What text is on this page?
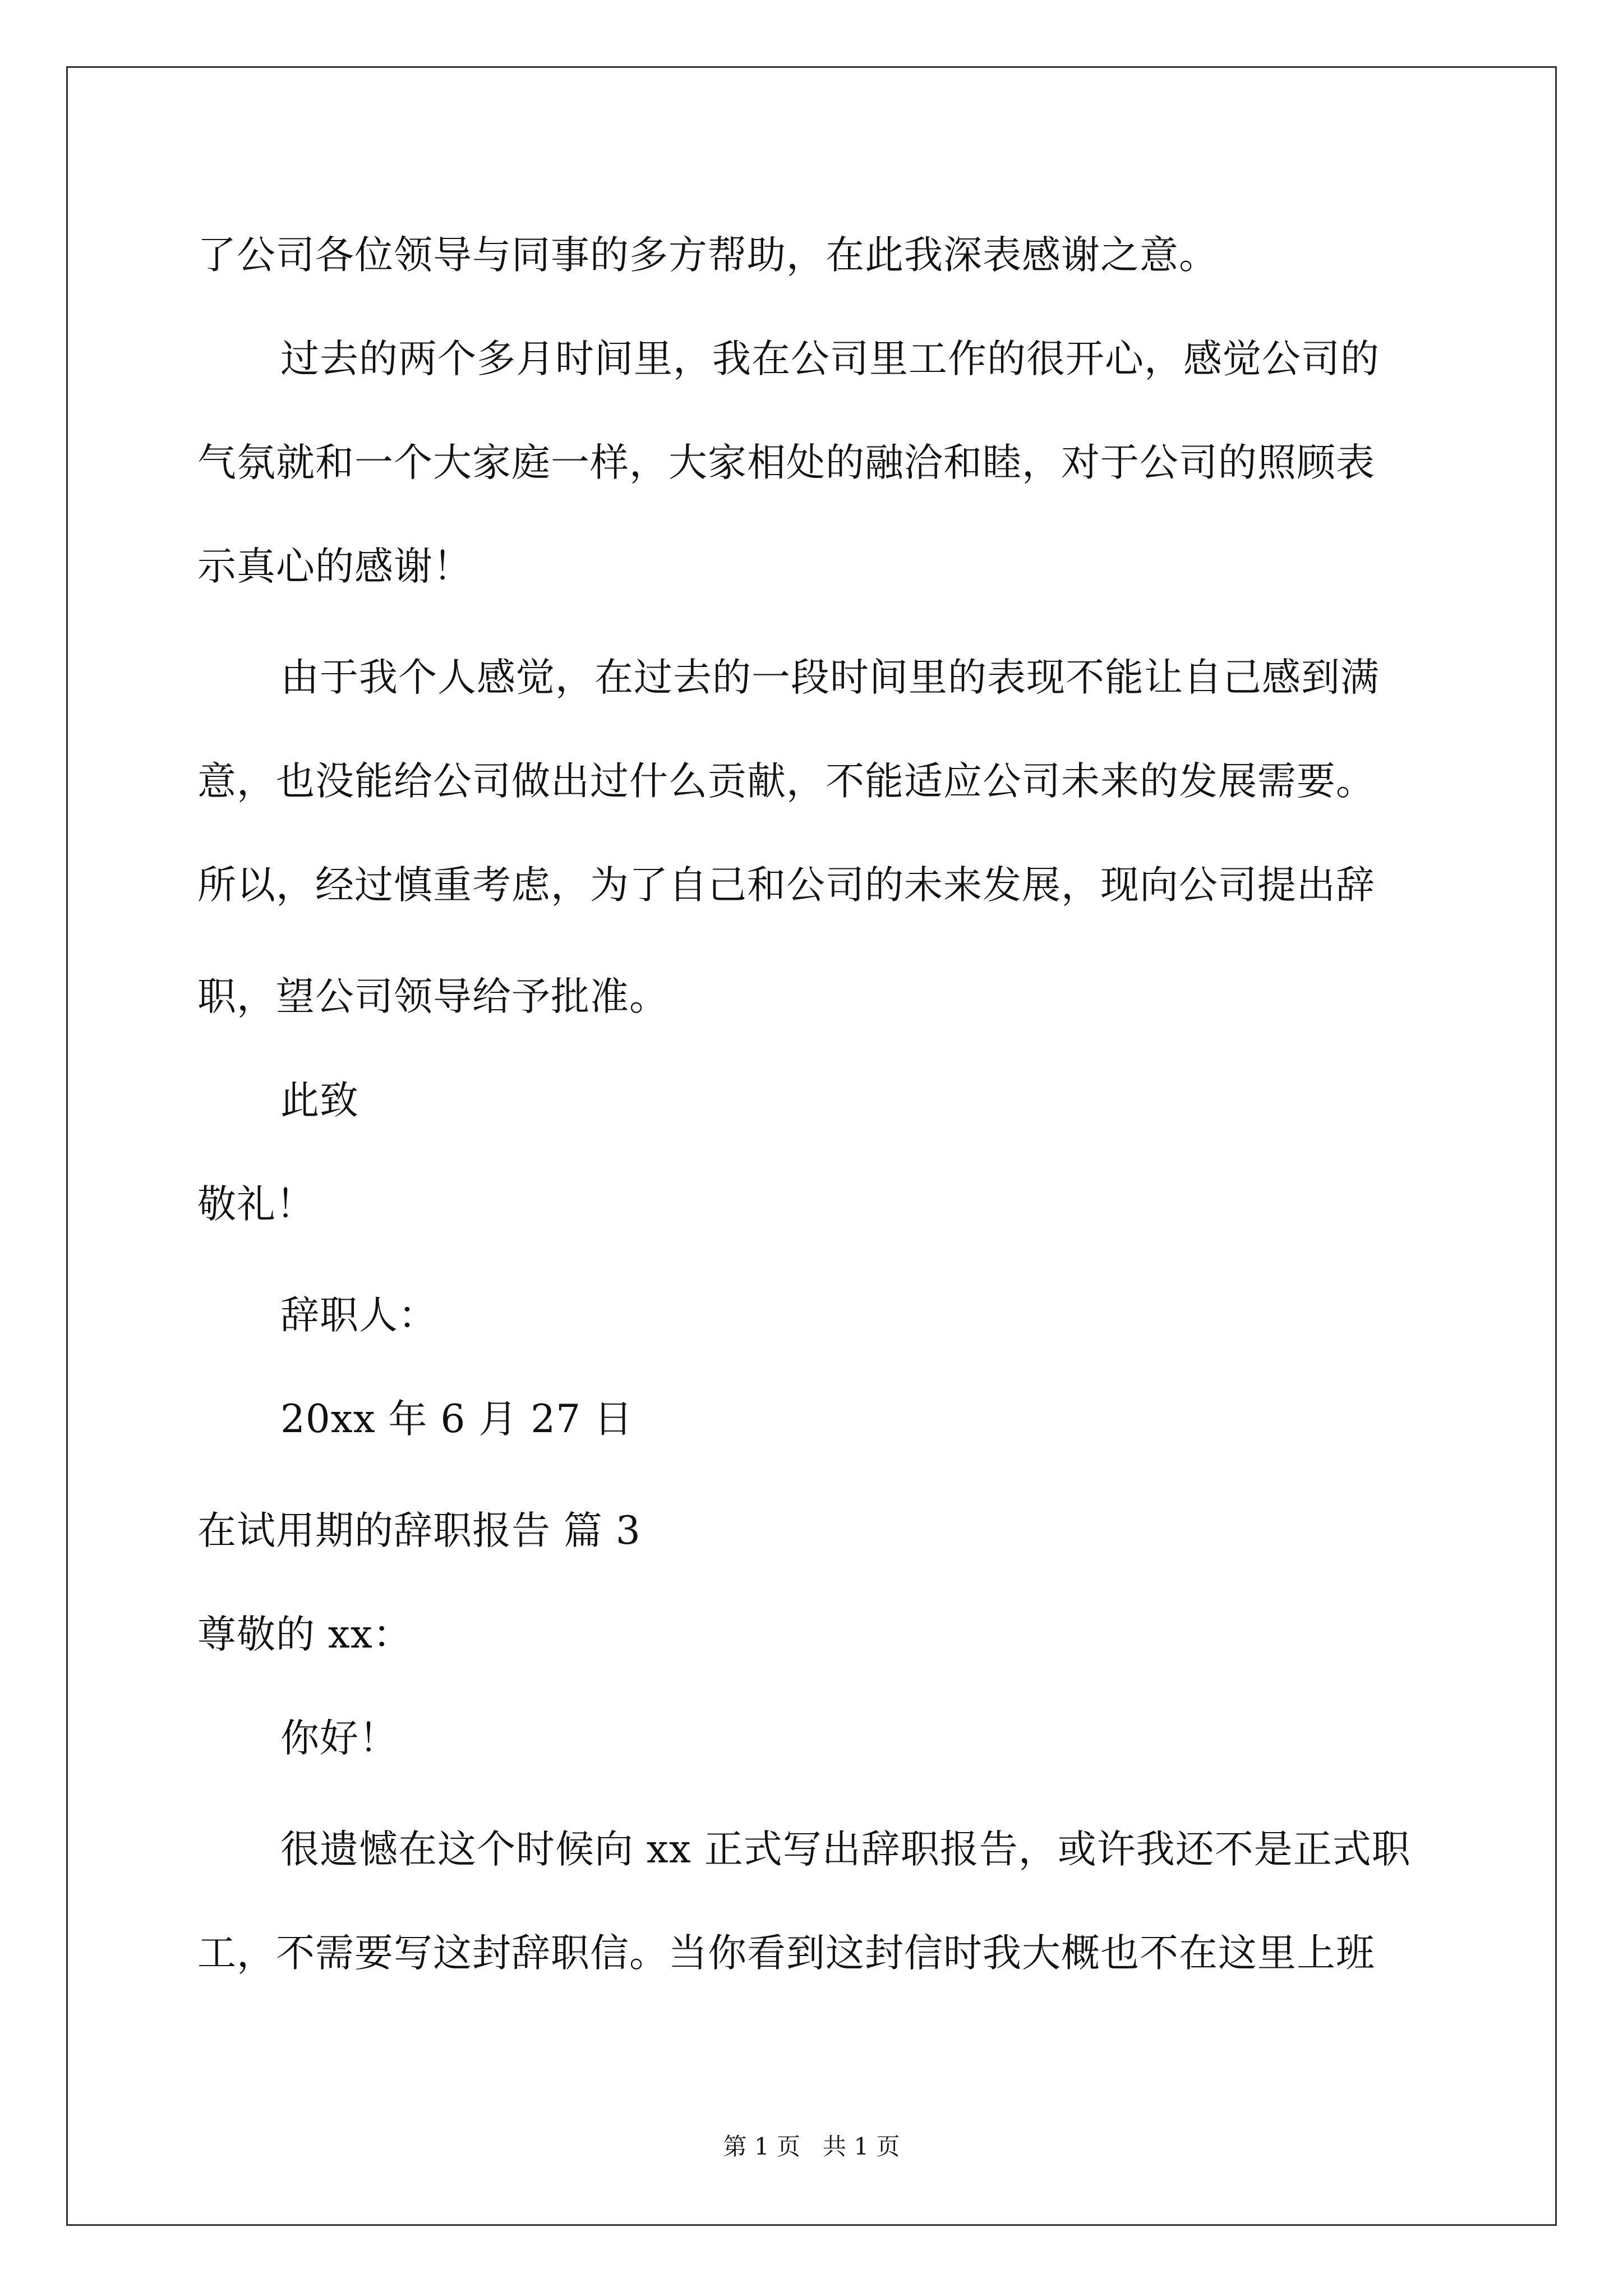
了公司各位领导与同事的多方帮助，在此我深表感谢之意。
过去的两个多月时间里，我在公司里工作的很开心，感觉公司的
气氛就和一个大家庭一样，大家相处的融洽和睦，对于公司的照顾表
示真心的感谢！
由于我个人感觉，在过去的一段时间里的表现不能让自己感到满
意，也没能给公司做出过什么贡献，不能适应公司未来的发展需要。
所以，经过慎重考虑，为了自己和公司的未来发展，现向公司提出辞
职，望公司领导给予批准。
此致
敬礼！
辞职人：
20xx 年 6 月 27 日
在试用期的辞职报告 篇 3
尊敬的 xx：
你好！
很遗憾在这个时候向 xx 正式写出辞职报告，或许我还不是正式职
工，不需要写这封辞职信。当你看到这封信时我大概也不在这里上班
第 1 页   共 1 页
